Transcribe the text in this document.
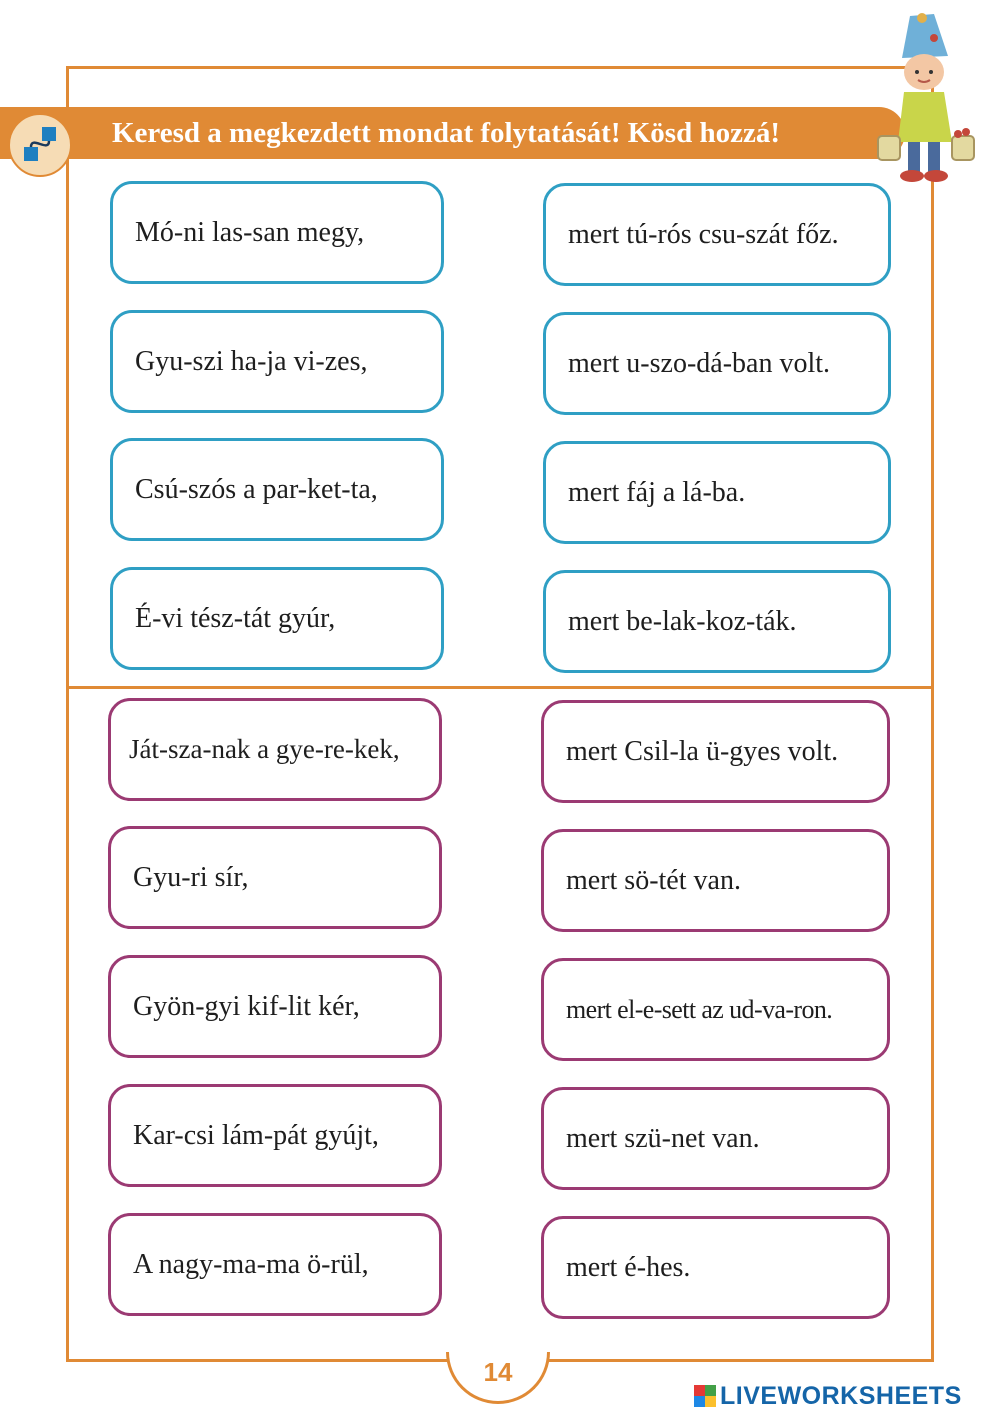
Keresd a megkezdett mondat folytatását! Kösd hozzá!
Mó-ni las-san megy,
Gyu-szi ha-ja vi-zes,
Csú-szós a par-ket-ta,
É-vi tész-tát gyúr,
mert tú-rós csu-szát főz.
mert u-szo-dá-ban volt.
mert fáj a lá-ba.
mert be-lak-koz-ták.
Ját-sza-nak a gye-re-kek,
Gyu-ri sír,
Gyön-gyi kif-lit kér,
Kar-csi lám-pát gyújt,
A nagy-ma-ma ö-rül,
mert Csil-la ü-gyes volt.
mert sö-tét van.
mert el-e-sett az ud-va-ron.
mert szü-net van.
mert é-hes.
14
LIVEWORKSHEETS
